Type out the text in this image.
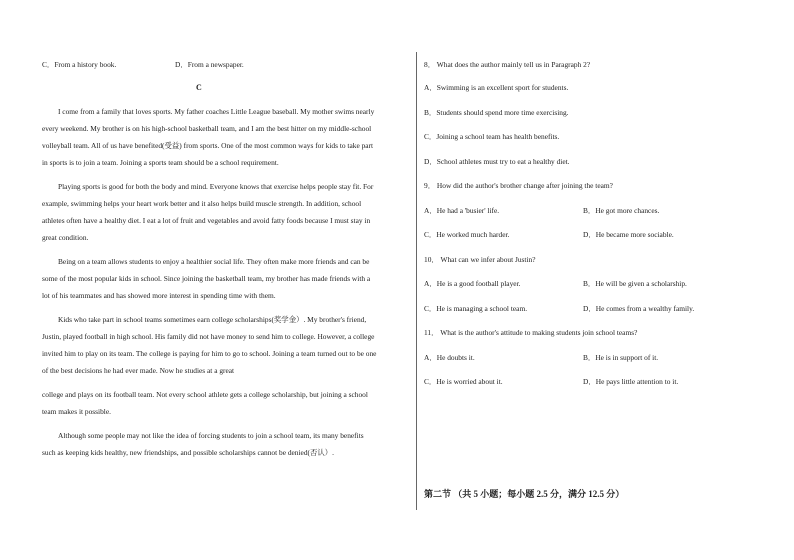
C．From a history book.	D．From a newspaper.
C
I come from a family that loves sports. My father coaches Little League baseball. My mother swims nearly
every weekend. My brother is on his high-school basketball team, and I am the best hitter on my middle-school
volleyball team. All of us have benefited(受益) from sports. One of the most common ways for kids to take part
in sports is to join a team. Joining a sports team should be a school requirement.
Playing sports is good for both the body and mind. Everyone knows that exercise helps people stay fit. For
example, swimming helps your heart work better and it also helps build muscle strength. In addition, school
athletes often have a healthy diet. I eat a lot of fruit and vegetables and avoid fatty foods because I must stay in
great condition.
Being on a team allows students to enjoy a healthier social life. They often make more friends and can be
some of the most popular kids in school. Since joining the basketball team, my brother has made friends with a
lot of his teammates and has showed more interest in spending time with them.
Kids who take part in school teams sometimes earn college scholarships(奖学金）. My brother's friend,
Justin, played football in high school. His family did not have money to send him to college. However, a college
invited him to play on its team. The college is paying for him to go to school. Joining a team turned out to be one
of the best decisions he had ever made. Now he studies at a great
college and plays on its football team. Not every school athlete gets a college scholarship, but joining a school
team makes it possible.
Although some people may not like the idea of forcing students to join a school team, its many benefits
such as keeping kids healthy, new friendships, and possible scholarships cannot be denied(否认）.
8． What does the author mainly tell us in Paragraph 2?
A．Swimming is an excellent sport for students.
B．Students should spend more time exercising.
C．Joining a school team has health benefits.
D．School athletes must try to eat a healthy diet.
9． How did the author's brother change after joining the team?
A．He had a 'busier' life.	B．He got more chances.
C．He worked much harder.	D．He became more sociable.
10． What can we infer about Justin?
A．He is a good football player.	B．He will be given a scholarship.
C．He is managing a school team.	D．He comes from a wealthy family.
11． What is the author's attitude to making students join school teams?
A．He doubts it.	B．He is in support of it.
C．He is worried about it.	D．He pays little attention to it.
第二节 （共 5 小题；每小题 2.5 分，满分 12.5 分）
